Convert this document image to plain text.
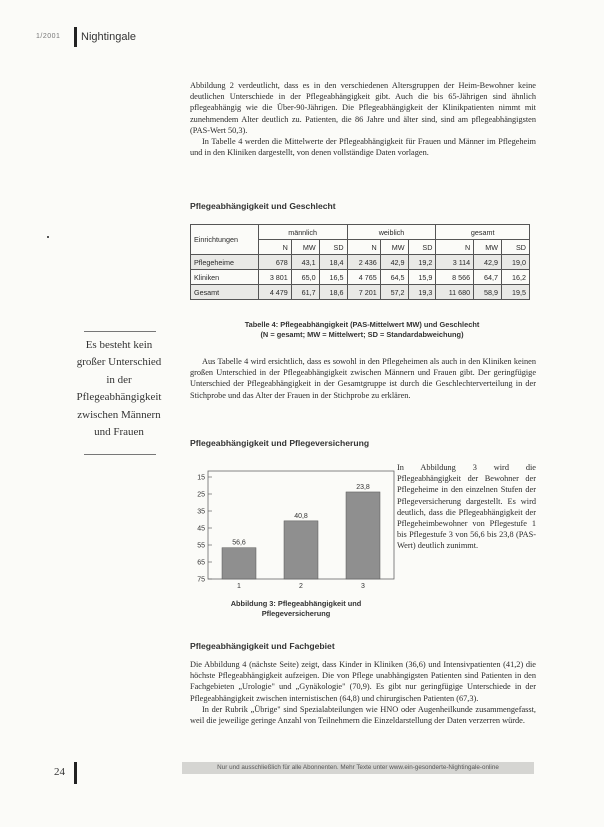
1/2001 Nightingale

Abbildung 2 verdeutlicht, dass es in den verschiedenen Altersgruppen der Heim-Bewohner keine deutlichen Unterschiede in der Pflegeabhängigkeit gibt. Auch die bis 65-Jährigen sind ähnlich pflegeabhängig wie die Über-90-Jährigen. Die Pflegeabhängigkeit der Klinikpatienten nimmt mit zunehmendem Alter deutlich zu. Patienten, die 86 Jahre und älter sind, sind am pflegeabhängigsten (PAS-Wert 50,3).

In Tabelle 4 werden die Mittelwerte der Pflegeabhängigkeit für Frauen und Männer im Pflegeheim und in den Kliniken dargestellt, von denen vollständige Daten vorlagen.

Pflegeabhängigkeit und Geschlecht
Einrichtungen	männlich			weiblich			gesamt		
	N	MW	SD	N	MW	SD	N	MW	SD
Pflegeheime	678	43,1	18,4	2 436	42,9	19,2	3 114	42,9	19,0
Kliniken	3 801	65,0	16,5	4 765	64,5	15,9	8 566	64,7	16,2
Gesamt	4 479	61,7	18,6	7 201	57,2	19,3	11 680	58,9	19,5
Tabelle 4: Pflegeabhängigkeit (PAS-Mittelwert MW) und Geschlecht
(N = gesamt; MW = Mittelwert; SD = Standardabweichung)
Es besteht kein großer Unterschied in der Pflegeabhängigkeit zwischen Männern und Frauen

Aus Tabelle 4 wird ersichtlich, dass es sowohl in den Pflegeheimen als auch in den Kliniken keinen großen Unterschied in der Pflegeabhängigkeit zwischen Männern und Frauen gibt. Der geringfügige Unterschied der Pflegeabhängigkeit in der Gesamtgruppe ist durch die Geschlechterverteilung in der Stichprobe und das Alter der Frauen in der Stichprobe zu erklären.

Pflegeabhängigkeit und Pflegeversicherung
15
25
35
45
55
65
75
56,6
1
40,8
2
23,8
3
Abbildung 3: Pflegeabhängigkeit und
Pflegeversicherung

In Abbildung 3 wird die Pflegeabhängigkeit der Bewohner der Pflegeheime in den einzelnen Stufen der Pflegeversicherung dargestellt. Es wird deutlich, dass die Pflegeabhängigkeit der Pflegeheimbewohner von Pflegestufe 1 bis Pflegestufe 3 von 56,6 bis 23,8 (PAS-Wert) deutlich zunimmt.

Pflegeabhängigkeit und Fachgebiet

Die Abbildung 4 (nächste Seite) zeigt, dass Kinder in Kliniken (36,6) und Intensivpatienten (41,2) die höchste Pflegeabhängigkeit aufzeigen. Die von Pflege unabhängigsten Patienten sind Patienten in den Fachgebieten „Urologie" und „Gynäkologie" (70,9). Es gibt nur geringfügige Unterschiede in der Pflegeabhängigkeit zwischen internistischen (64,8) und chirurgischen Patienten (67,3).

In der Rubrik „Übrige" sind Spezialabteilungen wie HNO oder Augenheilkunde zusammengefasst, weil die jeweilige geringe Anzahl von Teilnehmern die Einzeldarstellung der Daten verzerren würde.

24	Nur und ausschließlich für alle Abonnenten. Mehr Texte unter www.ein-gesonderte-Nightingale-online
